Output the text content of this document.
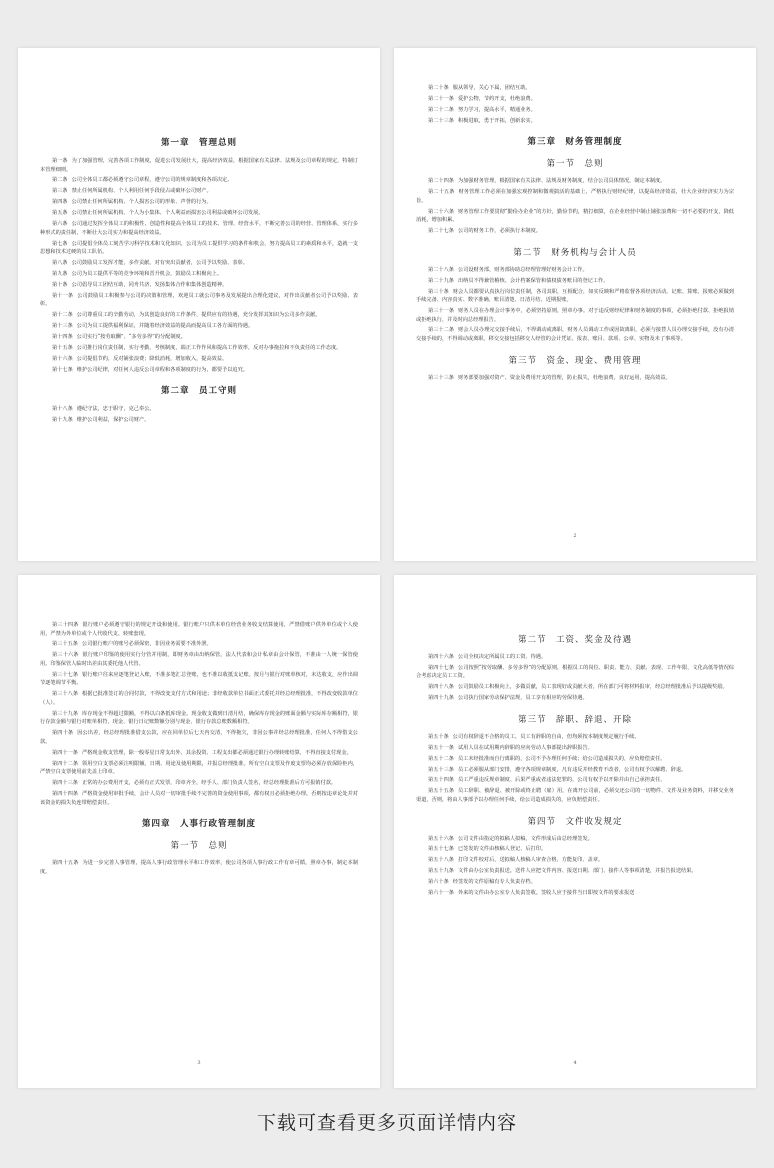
第一章　管理总则
第一条 为了加强管理，完善各项工作制度，促进公司发展壮大，提高经济效益，根据国家有关法律、法规及公司章程的规定，特制订本管理细则。
第二条 公司全体员工都必须遵守公司章程，遵守公司的规章制度和各项决定。
第三条 禁止任何所属机构、个人利用任何手段侵占或破坏公司财产。
第四条 公司禁止任何所属机构、个人损害公司的形象、声誉的行为。
第五条 公司禁止任何所属机构、个人为小集体、个人利益而损害公司利益或破坏公司发展。
第六条 公司通过发挥全体员工的积极性、创造性和提高全体员工的技术、管理、经营水平，不断完善公司的经营、管理体系，实行多种形式的责任制，不断壮大公司实力和提高经济效益。
第七条 公司提倡全体员工刻苦学习科学技术和文化知识，公司为员工提供学习的条件和机会，努力提高员工的素质和水平，造就一支思想和技术过硬的员工队伍。
第八条 公司鼓励员工发挥才能，多作贡献。对有突出贡献者，公司予以奖励、表彰。
第九条 公司为员工提供平等的竞争环境和晋升机会，鼓励员工积极向上。
第十条 公司倡导员工团结互助，同舟共济，发扬集体合作和集体创造精神。
第十一条 公司鼓励员工积极参与公司的决策和管理，欢迎员工就公司事务及发展提出合理化建议，对作出贡献者公司予以奖励、表彰。
第十二条 公司尊重员工的辛勤劳动，为其创造良好的工作条件，提供应有的待遇，充分发挥其知识为公司多作贡献。
第十三条 公司为员工提供福利保证，并随着经济效益的提高而提高员工各方面的待遇。
第十四条 公司实行“按劳取酬”、“多劳多得”的分配制度。
第十五条 公司推行岗位责任制，实行考勤、考核制度，端正工作作风和提高工作效率，反对办事拖拉和不负责任的工作态度。
第十六条 公司提倡节约，反对铺张浪费；降低消耗，增加收入，提高效益。
第十七条 维护公司纪律，对任何人违反公司章程和各项制度的行为，都要予以追究。
第二章　员工守则
第十八条 遵纪守法，忠于职守，克己奉公。
第十九条 维护公司利益，保护公司财产。
第二十条 服从领导，关心下属，团结互助。
第二十一条 爱护公物，节约开支，杜绝浪费。
第二十二条 努力学习，提高水平，精通业务。
第二十三条 积极进取，勇于开拓，创新求实。
第三章　财务管理制度
第一节　总则
第二十四条 为加强财务管理，根据国家有关法律、法规及财务制度，结合公司具体情况，制定本制度。
第二十五条 财务管理工作必须在加强宏观控制和微观搞活的基础上，严格执行财经纪律，以提高经济效益，壮大企业经济实力为宗旨。
第二十六条 财务管理工作要贯彻“勤俭办企业”的方针，勤俭节约，精打细算，在企业经营中制止铺张浪费和一切不必要的开支，降低消耗，增加积累。
第二十七条 公司的财务工作，必须执行本制度。
第二节　财务机构与会计人员
第二十八条 公司设财务部，财务部协助总经理管理好财务会计工作。
第二十九条 出纳员不得兼管稽核、会计档案保管和债权债务账目的登记工作。
第三十条 财会人员都要认真执行岗位责任制，各司其职，互相配合，如实反映和严格监督各项经济活动。记账、算账、报账必须做到手续完备、内容真实、数字准确、账目清楚、日清月结、近期报账。
第三十一条 财务人员在办理会计事务中，必须坚持原则，照章办事。对于违反财经纪律和财务制度的事项，必须拒绝付款、拒绝报销或拒绝执行，并及时向总经理报告。
第三十二条 财会人员办理完交接手续后，不得调动或离职，财务人员调动工作或因故离职，必须与接替人员办理交接手续，没有办清交接手续的，不得调动或离职。移交交接包括移交人经管的会计凭证、报表、账目、款项、公章、实物及未了事项等。
第三节　资金、现金、费用管理
第三十三条 财务部要加强对资产、资金及费用开支的管理，防止损失，杜绝浪费，良好运用，提高效益。
2
第三十四条 银行账户必须遵守银行的规定开设和使用。银行账户只供本单位经营业务收支结算使用，严禁借账户供外单位或个人使用，严禁为外单位或个人代收代支、转账套现。
第三十五条 公司银行账户的账号必须保密，非因业务需要不准外泄。
第三十六条 银行账户印鉴的使用实行分管并用制，即财务章由出纳保管，法人代表和会计私章由会计保管，不准由一人统一保管使用。印鉴保管人临时出差由其委托他人代管。
第三十七条 银行账户往来应逐笔登记入账，不准多笔汇总登账，也不准以收抵支记账。按月与银行对账单核对，未达收支，应作出调节逐笔调节平衡。
第三十八条 根据已批准签订的合同付款，不得改变支付方式和用途；非经收款单位书面正式委托并经总经理批准，不得改变收款单位（人）。
第三十九条 库存现金不得超过限额，不得以白条抵库现金。现金收支做到日清月结，确保库存现金的账面金额与实际库存额相符，银行存款金额与银行对账单相符，现金、银行日记账数额分别与现金、银行存款总账数额相符。
第四十条 因公出差，经总经理批准借支公款，应在回单位后七天内交清，不得拖欠，非因公事并经总经理批准，任何人不得借支公款。
第四十一条 严格现金收支管理，除一般零星日常支出外，其余投资、工程支出都必须通过银行办理转账结算，不得直接支付现金。
第四十二条 领用空白支票必须注明限额、日期、用途及使用期限，并报总经理批准。所有空白支票及作废支票均必须存放保险柜内，严禁空白支票使用前先盖上印章。
第四十三条 正常的办公费用开支，必须有正式发票，印章齐全，经手人、部门负责人签名，经总经理批准后方可报销付款。
第四十四条 严格资金使用审批手续，会计人员对一切审批手续不完善的资金使用事项，都有权且必须拒绝办理。否则按违章论处并对该资金的损失负连带赔偿责任。
第四章　人事行政管理制度
第一节　总则
第四十五条 为进一步完善人事管理，提高人事行政管理水平和工作效率，使公司各项人事行政工作有章可循，照章办事，制定本制度。
3
第二节　工资、奖金及待遇
第四十六条 公司全权决定所属员工的工资、待遇。
第四十七条 公司按照“按劳取酬、多劳多得”的分配原则，根据员工的岗位、职责、能力、贡献、表现、工作年限、文化高低等情况综合考虑决定员工工资。
第四十八条 公司鼓励员工积极向上，多做贡献，员工表现好或贡献大者，所在部门可将材料报审，经总经理批准后予以提级奖励。
第四十九条 公司执行国家劳动保护法规，员工享有相应的劳保待遇。
第三节　辞职、辞退、开除
第五十条 公司有权辞退不合格的员工，员工有辞职的自由，但均须按本制度规定履行手续。
第五十一条 试用人员在试用期内辞职的应向劳动人事部提出辞职报告。
第五十二条 员工未经批准而自行离职的，公司不予办理任何手续；给公司造成损失的，应负赔偿责任。
第五十三条 员工必须服从部门安排，遵守各项规章制度，凡有违反并经教育不改者，公司有权予以解聘、辞退。
第五十四条 员工严重违反规章制度、后果严重或者违法犯罪的，公司有权予以开除并由自己承担责任。
第五十五条 员工辞职、被辞退、被开除或终止聘（雇）用，在离开公司前，必须交还公司的一切物件、文件及业务资料，并移交业务渠道，否则，将由人事部予以办理任何手续，给公司造成损失的，应负赔偿责任。
第四节　文件收发规定
第五十六条 公司文件由指定的拟稿人拟稿，文件形成后由总经理签发。
第五十七条 已签发的文件由核稿人登记、后打印。
第五十八条 打印文件校对后，送拟稿人核稿人审查合格，方能复印、盖章。
第五十九条 文件由办公室负责报送。送件人应把文件内容、报送日期、部门、接件人等事项清楚，并报告报送结果。
第六十条 经签发的文件原稿有专人负责存档。
第六十一条 外来的文件由办公室专人负责签收。签收人应于接件当日即按文件的要求报送
4
下载可查看更多页面详情内容
